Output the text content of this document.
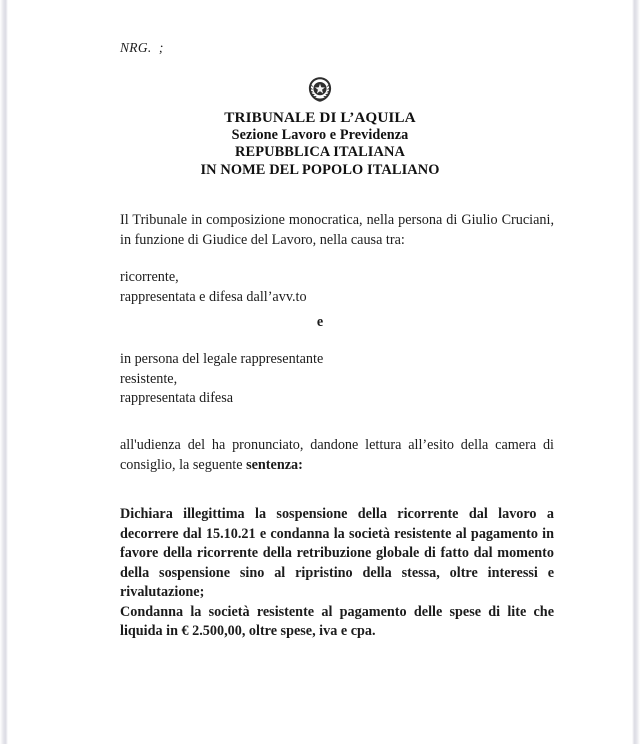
NRG.  ;
TRIBUNALE DI L’AQUILA
Sezione Lavoro e Previdenza
REPUBBLICA ITALIANA
IN NOME DEL POPOLO ITALIANO
Il Tribunale in composizione monocratica, nella persona di Giulio Cruciani, in funzione di Giudice del Lavoro, nella causa tra:
ricorrente,
rappresentata e difesa dall’avv.to
e
in persona del legale rappresentante
resistente,
rappresentata difesa
all'udienza del ha pronunciato, dandone lettura all’esito della camera di consiglio, la seguente sentenza:
Dichiara illegittima la sospensione della ricorrente dal lavoro a decorrere dal 15.10.21 e condanna la società resistente al pagamento in favore della ricorrente della retribuzione globale di fatto dal momento della sospensione sino al ripristino della stessa, oltre interessi e rivalutazione;
Condanna la società resistente al pagamento delle spese di lite che liquida in € 2.500,00, oltre spese, iva e cpa.
